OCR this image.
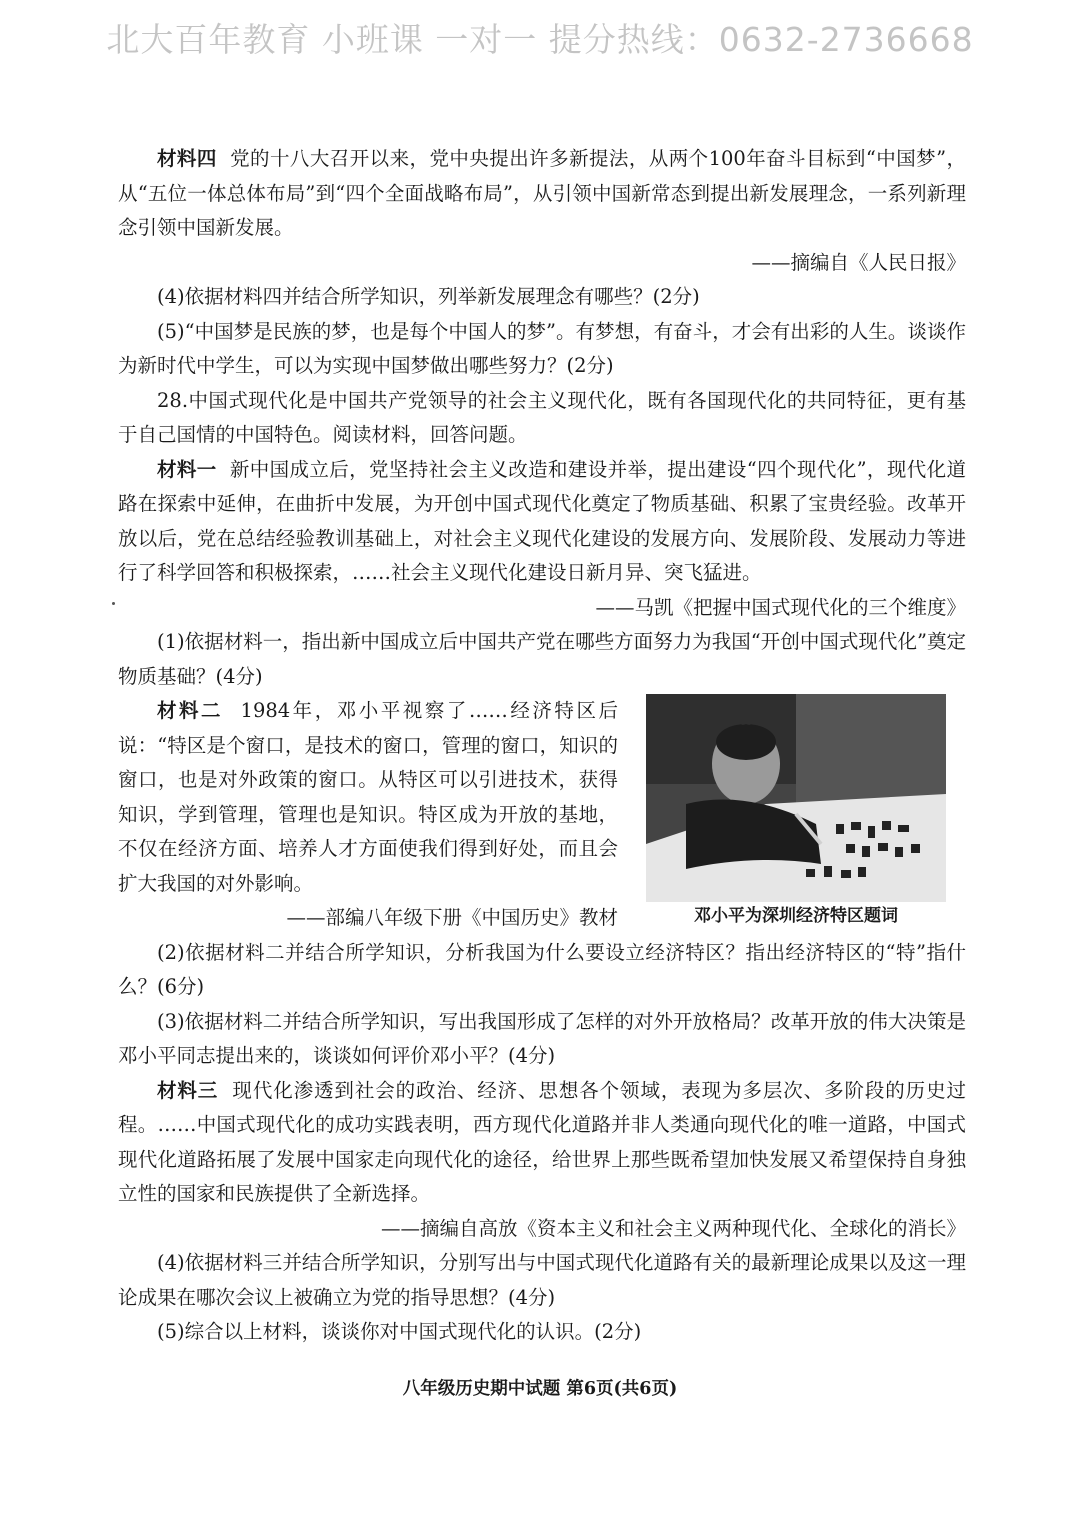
北大百年教育 小班课 一对一 提分热线：0632-2736668

材料四 党的十八大召开以来，党中央提出许多新提法，从两个100年奋斗目标到“中国梦”，从“五位一体总体布局”到“四个全面战略布局”，从引领中国新常态到提出新发展理念，一系列新理念引领中国新发展。

——摘编自《人民日报》

(4)依据材料四并结合所学知识，列举新发展理念有哪些？(2分)

(5)“中国梦是民族的梦，也是每个中国人的梦”。有梦想，有奋斗，才会有出彩的人生。谈谈作为新时代中学生，可以为实现中国梦做出哪些努力？(2分)

28.中国式现代化是中国共产党领导的社会主义现代化，既有各国现代化的共同特征，更有基于自己国情的中国特色。阅读材料，回答问题。

材料一 新中国成立后，党坚持社会主义改造和建设并举，提出建设“四个现代化”，现代化道路在探索中延伸，在曲折中发展，为开创中国式现代化奠定了物质基础、积累了宝贵经验。改革开放以后，党在总结经验教训基础上，对社会主义现代化建设的发展方向、发展阶段、发展动力等进行了科学回答和积极探索，……社会主义现代化建设日新月异、突飞猛进。

——马凯《把握中国式现代化的三个维度》

(1)依据材料一，指出新中国成立后中国共产党在哪些方面努力为我国“开创中国式现代化”奠定物质基础？(4分)

邓小平为深圳经济特区题词

材料二 1984年，邓小平视察了……经济特区后说：“特区是个窗口，是技术的窗口，管理的窗口，知识的窗口，也是对外政策的窗口。从特区可以引进技术，获得知识，学到管理，管理也是知识。特区成为开放的基地，不仅在经济方面、培养人才方面使我们得到好处，而且会扩大我国的对外影响。

——部编八年级下册《中国历史》教材

(2)依据材料二并结合所学知识，分析我国为什么要设立经济特区？指出经济特区的“特”指什么？(6分)

(3)依据材料二并结合所学知识，写出我国形成了怎样的对外开放格局？改革开放的伟大决策是邓小平同志提出来的，谈谈如何评价邓小平？(4分)

材料三 现代化渗透到社会的政治、经济、思想各个领域，表现为多层次、多阶段的历史过程。……中国式现代化的成功实践表明，西方现代化道路并非人类通向现代化的唯一道路，中国式现代化道路拓展了发展中国家走向现代化的途径，给世界上那些既希望加快发展又希望保持自身独立性的国家和民族提供了全新选择。

——摘编自高放《资本主义和社会主义两种现代化、全球化的消长》

(4)依据材料三并结合所学知识，分别写出与中国式现代化道路有关的最新理论成果以及这一理论成果在哪次会议上被确立为党的指导思想？(4分)

(5)综合以上材料，谈谈你对中国式现代化的认识。(2分)

八年级历史期中试题 第6页(共6页)
